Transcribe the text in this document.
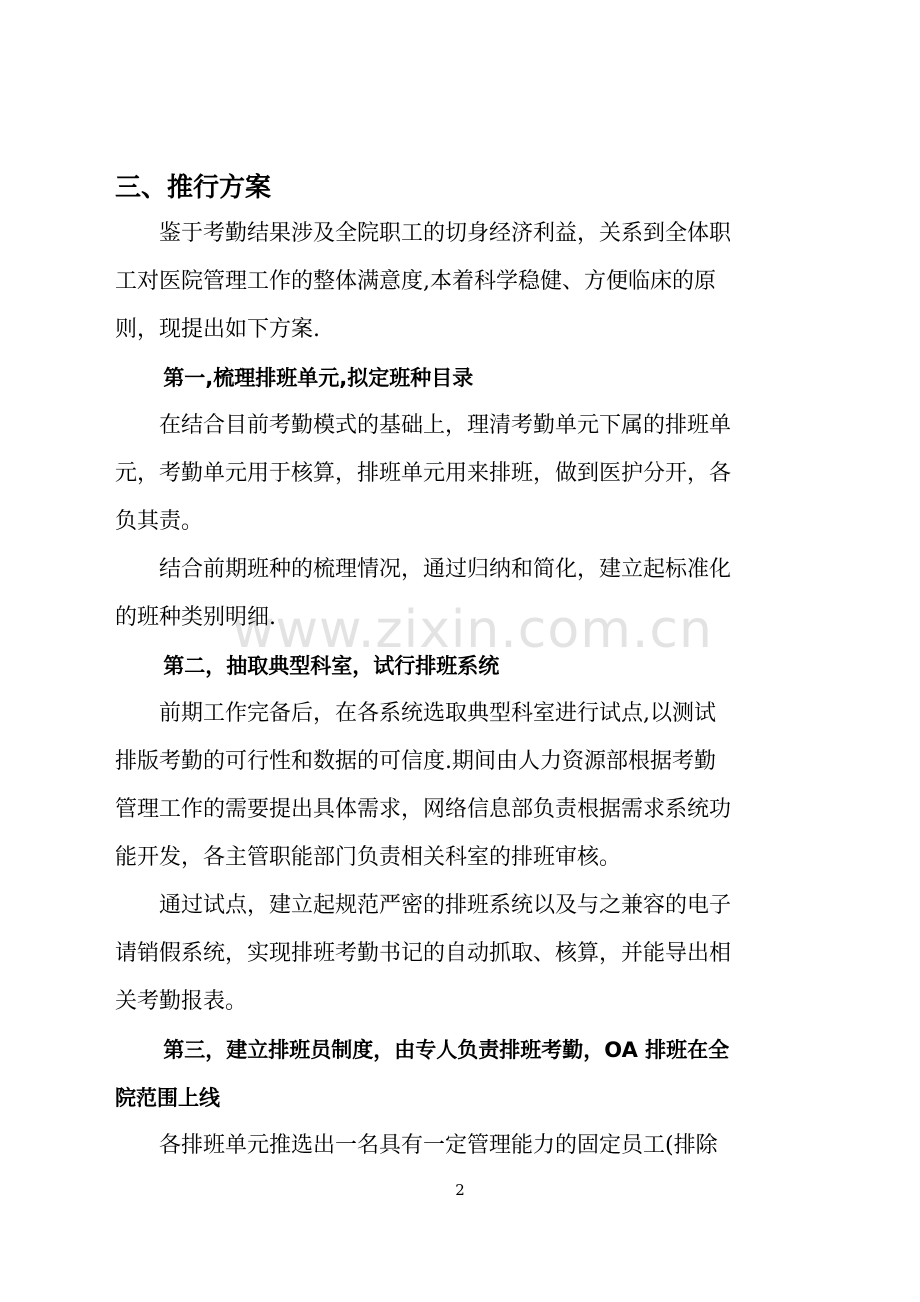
www.zixin.com.cn
三、推行方案

鉴于考勤结果涉及全院职工的切身经济利益，关系到全体职
工对医院管理工作的整体满意度,本着科学稳健、方便临床的原
则，现提出如下方案.

第一,梳理排班单元,拟定班种目录

在结合目前考勤模式的基础上，理清考勤单元下属的排班单
元，考勤单元用于核算，排班单元用来排班，做到医护分开，各
负其责。

结合前期班种的梳理情况，通过归纳和简化，建立起标准化
的班种类别明细.

第二，抽取典型科室，试行排班系统

前期工作完备后，在各系统选取典型科室进行试点,以测试
排版考勤的可行性和数据的可信度.期间由人力资源部根据考勤
管理工作的需要提出具体需求，网络信息部负责根据需求系统功
能开发，各主管职能部门负责相关科室的排班审核。

通过试点，建立起规范严密的排班系统以及与之兼容的电子
请销假系统，实现排班考勤书记的自动抓取、核算，并能导出相
关考勤报表。

第三，建立排班员制度，由专人负责排班考勤，OA 排班在全
院范围上线

各排班单元推选出一名具有一定管理能力的固定员工(排除

2
